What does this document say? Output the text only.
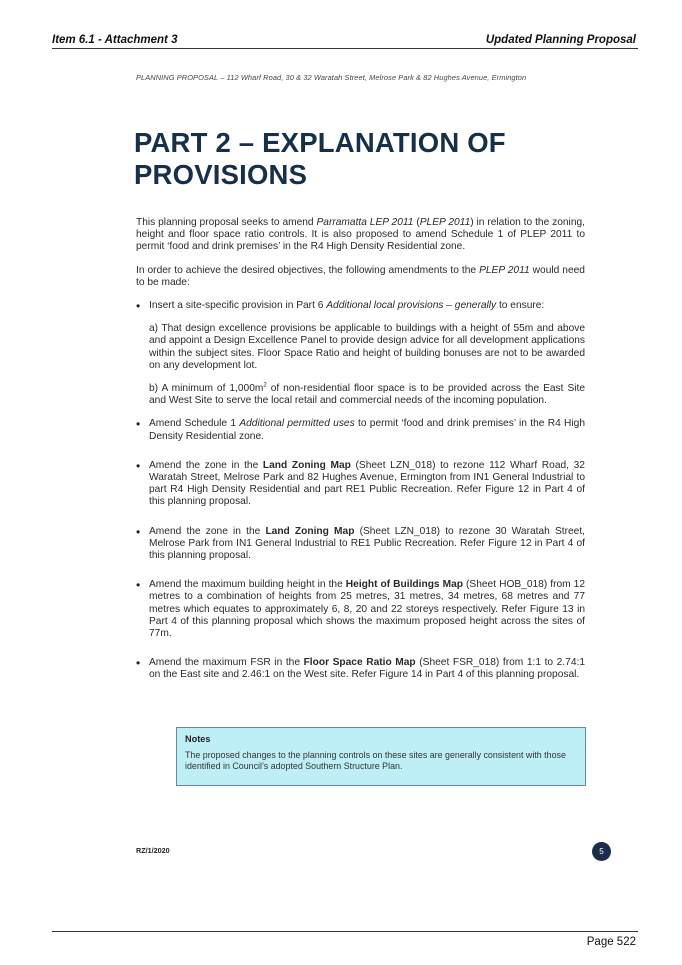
Item 6.1 - Attachment 3	Updated Planning Proposal
PLANNING PROPOSAL – 112 Wharf Road, 30 & 32 Waratah Street, Melrose Park & 82 Hughes Avenue, Ermington
PART 2 – EXPLANATION OF PROVISIONS

This planning proposal seeks to amend Parramatta LEP 2011 (PLEP 2011) in relation to the zoning, height and floor space ratio controls. It is also proposed to amend Schedule 1 of PLEP 2011 to permit ‘food and drink premises’ in the R4 High Density Residential zone.

In order to achieve the desired objectives, the following amendments to the PLEP 2011 would need to be made:

• Insert a site-specific provision in Part 6 Additional local provisions – generally to ensure:

a) That design excellence provisions be applicable to buildings with a height of 55m and above and appoint a Design Excellence Panel to provide design advice for all development applications within the subject sites. Floor Space Ratio and height of building bonuses are not to be awarded on any development lot.

b) A minimum of $1,000m^2$ of non-residential floor space is to be provided across the East Site and West Site to serve the local retail and commercial needs of the incoming population.

• Amend Schedule 1 Additional permitted uses to permit ‘food and drink premises’ in the R4 High Density Residential zone.

• Amend the zone in the Land Zoning Map (Sheet LZN_018) to rezone 112 Wharf Road, 32 Waratah Street, Melrose Park and 82 Hughes Avenue, Ermington from IN1 General Industrial to part R4 High Density Residential and part RE1 Public Recreation. Refer Figure 12 in Part 4 of this planning proposal.

• Amend the zone in the Land Zoning Map (Sheet LZN_018) to rezone 30 Waratah Street, Melrose Park from IN1 General Industrial to RE1 Public Recreation. Refer Figure 12 in Part 4 of this planning proposal.

• Amend the maximum building height in the Height of Buildings Map (Sheet HOB_018) from 12 metres to a combination of heights from 25 metres, 31 metres, 34 metres, 68 metres and 77 metres which equates to approximately 6, 8, 20 and 22 storeys respectively. Refer Figure 13 in Part 4 of this planning proposal which shows the maximum proposed height across the sites of 77m.

• Amend the maximum FSR in the Floor Space Ratio Map (Sheet FSR_018) from 1:1 to 2.74:1 on the East site and 2.46:1 on the West site. Refer Figure 14 in Part 4 of this planning proposal.

Notes
The proposed changes to the planning controls on these sites are generally consistent with those identified in Council’s adopted Southern Structure Plan.
RZ/1/2020	5
Page 522
